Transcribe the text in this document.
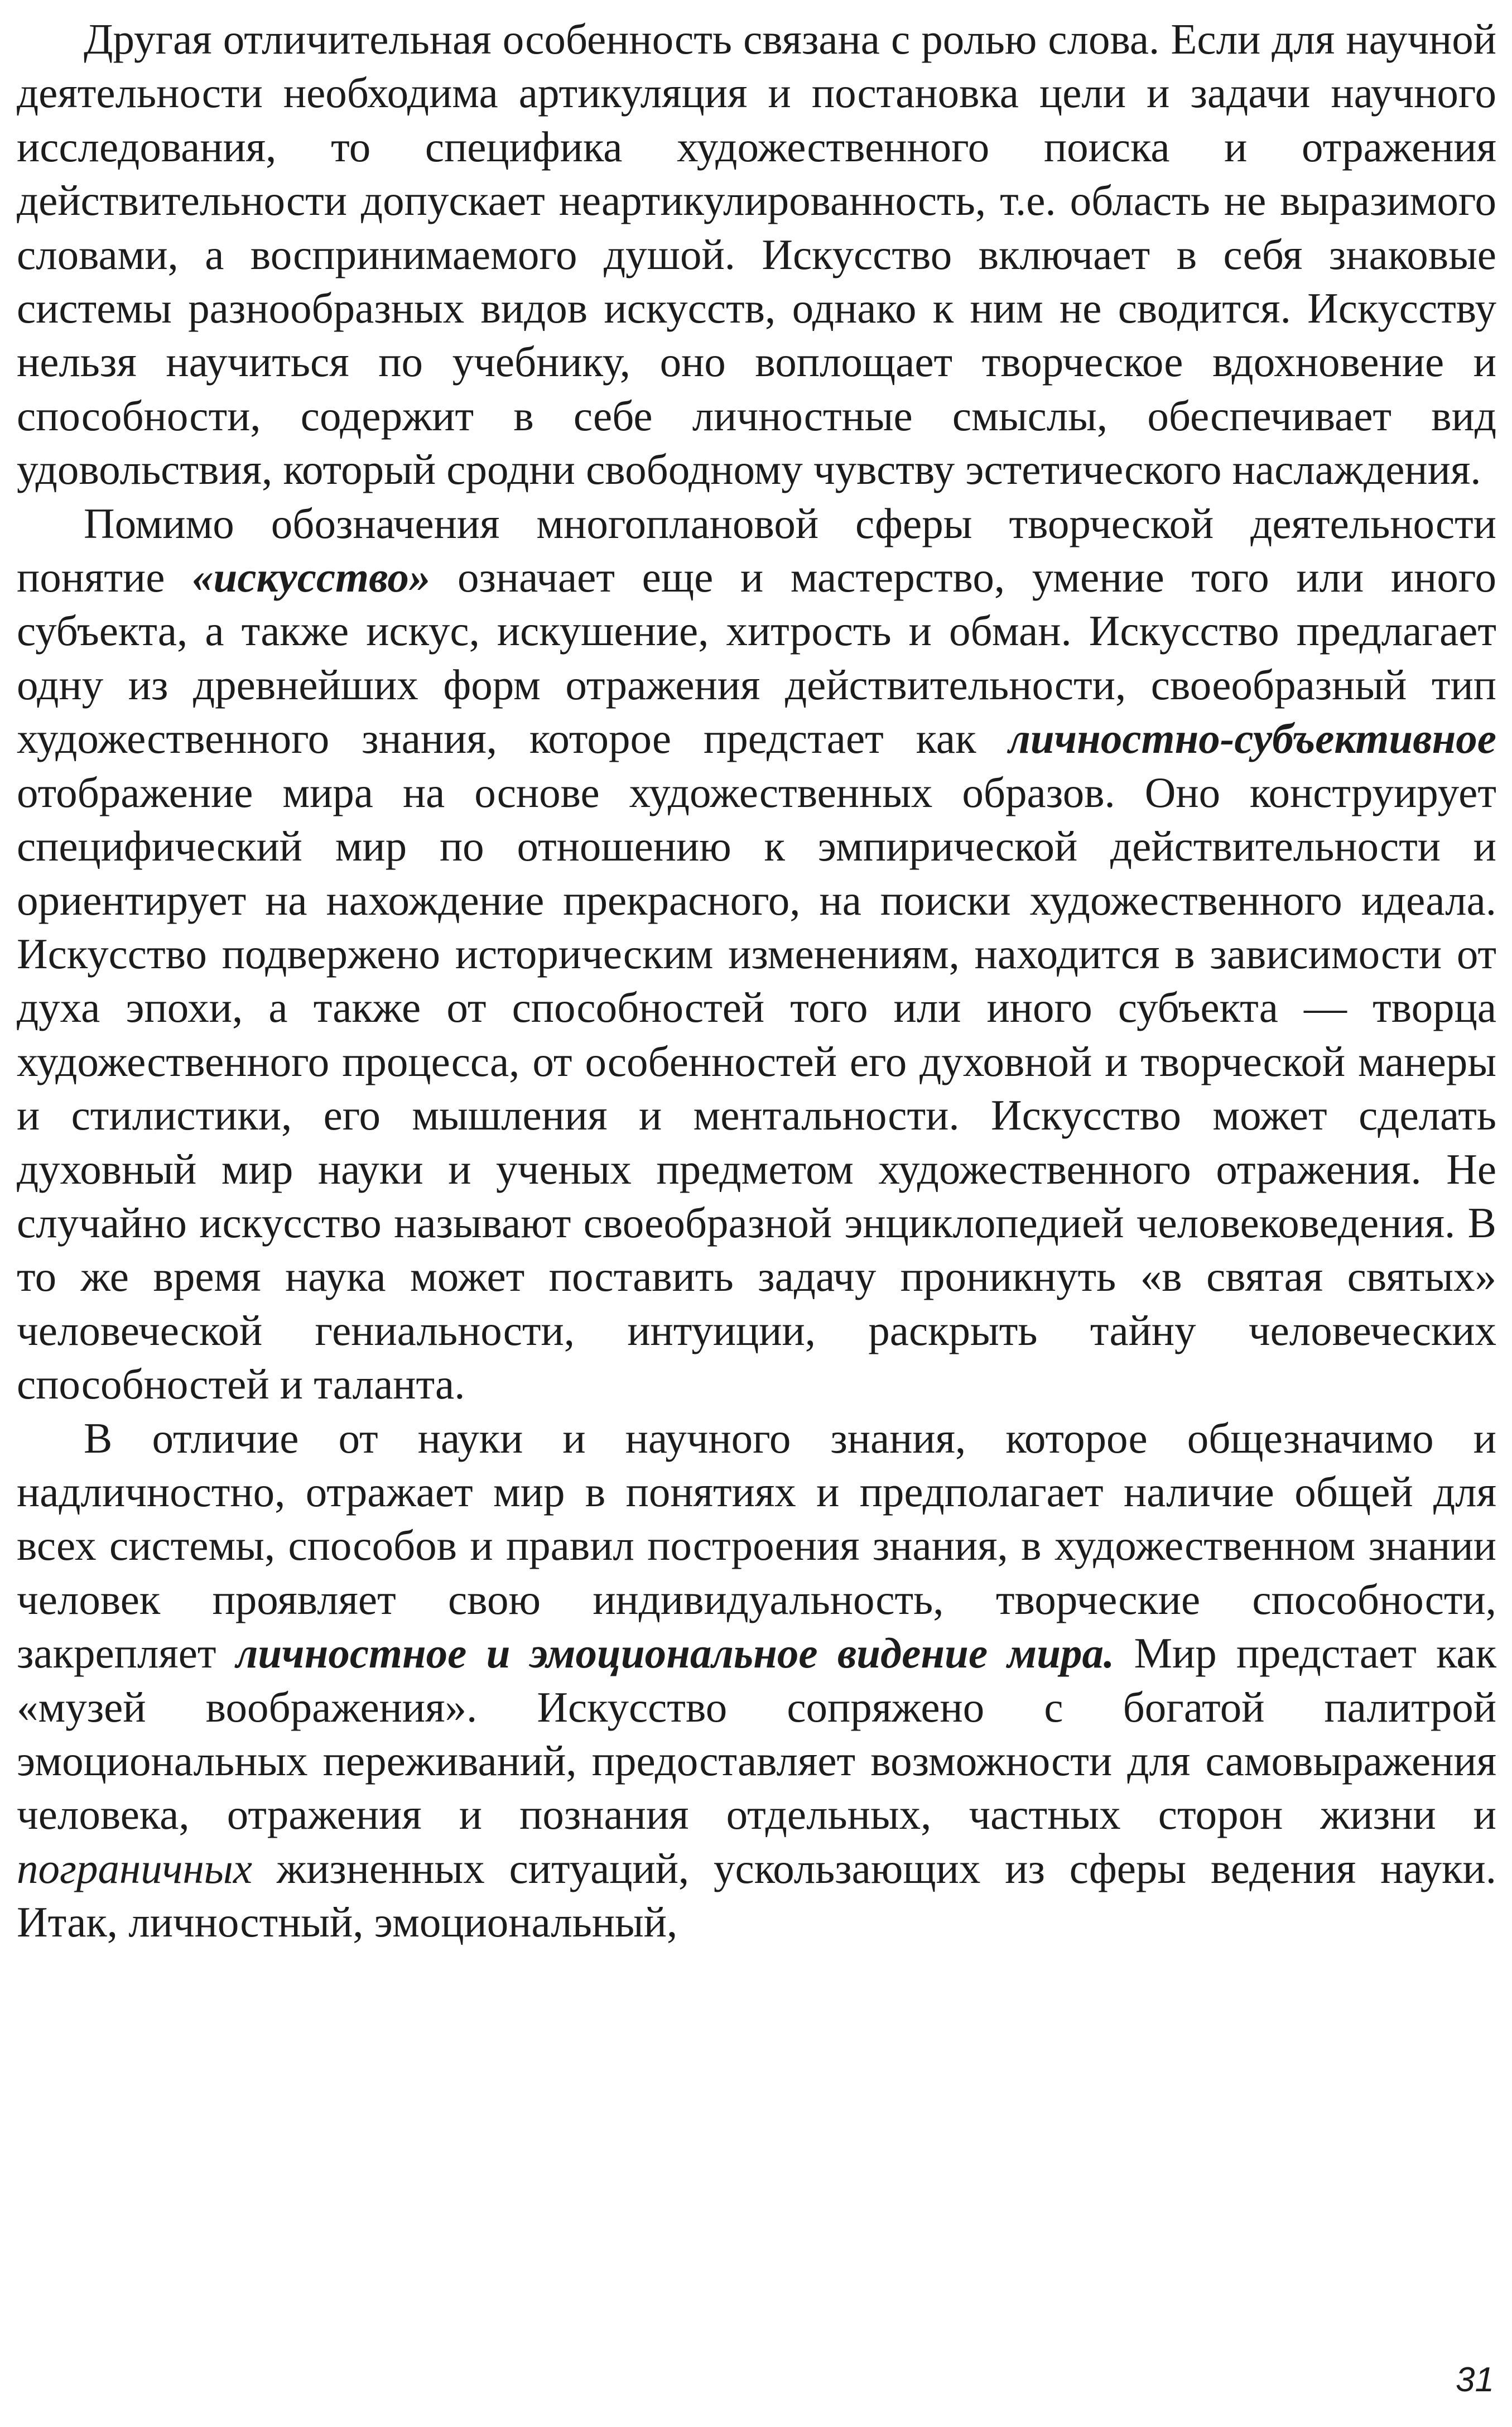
Другая отличительная особенность связана с ролью слова. Если для научной деятельности необходима артикуляция и постановка цели и задачи научного исследования, то специфика художественного поиска и отражения действительности допускает неартикулированность, т.е. область не выразимого словами, а воспринимаемого душой. Искусство включает в себя знаковые системы разнообразных видов искусств, однако к ним не сводится. Искусству нельзя научиться по учебнику, оно воплощает творческое вдохновение и способности, содержит в себе личностные смыслы, обеспечивает вид удовольствия, который сродни свободному чувству эстетического наслаждения.

Помимо обозначения многоплановой сферы творческой деятельности понятие «искусство» означает еще и мастерство, умение того или иного субъекта, а также искус, искушение, хитрость и обман. Искусство предлагает одну из древнейших форм отражения действительности, своеобразный тип художественного знания, которое предстает как личностно-субъективное отображение мира на основе художественных образов. Оно конструирует специфический мир по отношению к эмпирической действительности и ориентирует на нахождение прекрасного, на поиски художественного идеала. Искусство подвержено историческим изменениям, находится в зависимости от духа эпохи, а также от способностей того или иного субъекта — творца художественного процесса, от особенностей его духовной и творческой манеры и стилистики, его мышления и ментальности. Искусство может сделать духовный мир науки и ученых предметом художественного отражения. Не случайно искусство называют своеобразной энциклопедией человековедения. В то же время наука может поставить задачу проникнуть «в святая святых» человеческой гениальности, интуиции, раскрыть тайну человеческих способностей и таланта.

В отличие от науки и научного знания, которое общезначимо и надличностно, отражает мир в понятиях и предполагает наличие общей для всех системы, способов и правил построения знания, в художественном знании человек проявляет свою индивидуальность, творческие способности, закрепляет личностное и эмоциональное видение мира. Мир предстает как «музей воображения». Искусство сопряжено с богатой палитрой эмоциональных переживаний, предоставляет возможности для самовыражения человека, отражения и познания отдельных, частных сторон жизни и пограничных жизненных ситуаций, ускользающих из сферы ведения науки. Итак, личностный, эмоциональный,

31
